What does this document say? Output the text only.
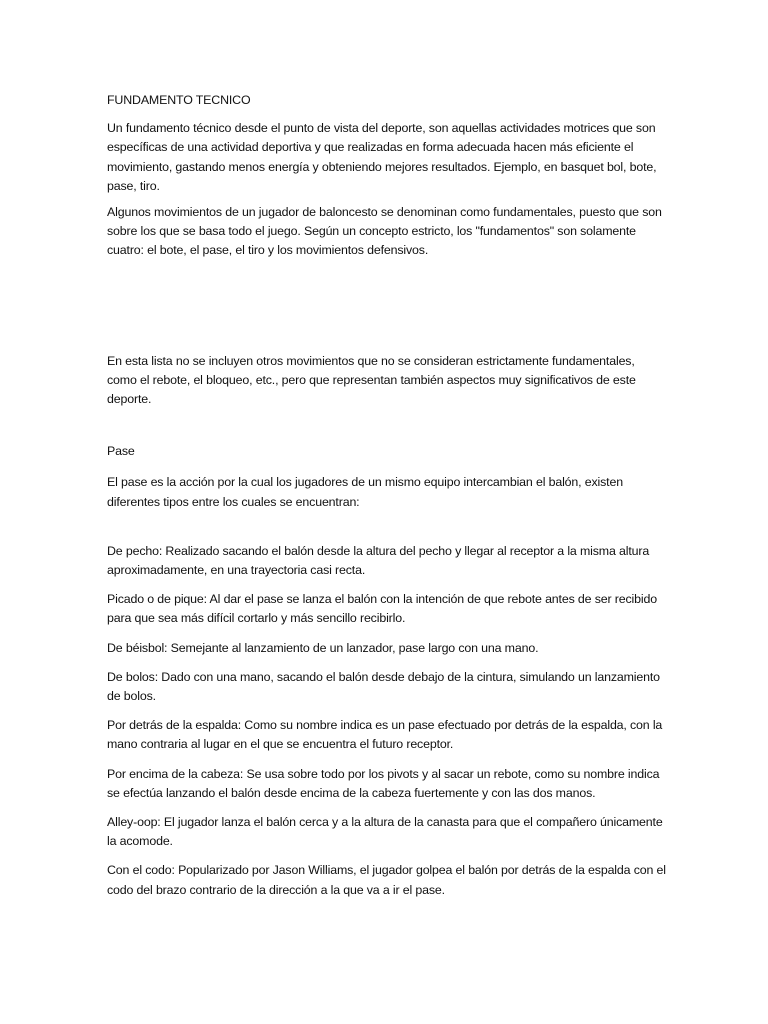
FUNDAMENTO TECNICO

Un fundamento técnico desde el punto de vista del deporte, son aquellas actividades motrices que son específicas de una actividad deportiva y que realizadas en forma adecuada hacen más eficiente el movimiento, gastando menos energía y obteniendo mejores resultados. Ejemplo, en basquet bol, bote, pase, tiro.

Algunos movimientos de un jugador de baloncesto se denominan como fundamentales, puesto que son sobre los que se basa todo el juego. Según un concepto estricto, los "fundamentos" son solamente cuatro: el bote, el pase, el tiro y los movimientos defensivos.

En esta lista no se incluyen otros movimientos que no se consideran estrictamente fundamentales, como el rebote, el bloqueo, etc., pero que representan también aspectos muy significativos de este deporte.

Pase

El pase es la acción por la cual los jugadores de un mismo equipo intercambian el balón, existen diferentes tipos entre los cuales se encuentran:

De pecho: Realizado sacando el balón desde la altura del pecho y llegar al receptor a la misma altura aproximadamente, en una trayectoria casi recta.

Picado o de pique: Al dar el pase se lanza el balón con la intención de que rebote antes de ser recibido para que sea más difícil cortarlo y más sencillo recibirlo.

De béisbol: Semejante al lanzamiento de un lanzador, pase largo con una mano.

De bolos: Dado con una mano, sacando el balón desde debajo de la cintura, simulando un lanzamiento de bolos.

Por detrás de la espalda: Como su nombre indica es un pase efectuado por detrás de la espalda, con la mano contraria al lugar en el que se encuentra el futuro receptor.

Por encima de la cabeza: Se usa sobre todo por los pivots y al sacar un rebote, como su nombre indica se efectúa lanzando el balón desde encima de la cabeza fuertemente y con las dos manos.

Alley-oop: El jugador lanza el balón cerca y a la altura de la canasta para que el compañero únicamente la acomode.

Con el codo: Popularizado por Jason Williams, el jugador golpea el balón por detrás de la espalda con el codo del brazo contrario de la dirección a la que va a ir el pase.
